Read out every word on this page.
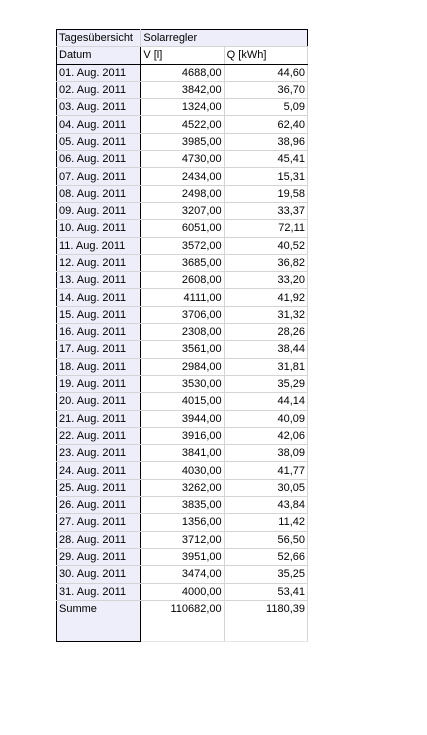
Tagesübersicht	Solarregler	
Datum	V [l]	Q [kWh]
01. Aug. 2011	4688,00	44,60
02. Aug. 2011	3842,00	36,70
03. Aug. 2011	1324,00	5,09
04. Aug. 2011	4522,00	62,40
05. Aug. 2011	3985,00	38,96
06. Aug. 2011	4730,00	45,41
07. Aug. 2011	2434,00	15,31
08. Aug. 2011	2498,00	19,58
09. Aug. 2011	3207,00	33,37
10. Aug. 2011	6051,00	72,11
11. Aug. 2011	3572,00	40,52
12. Aug. 2011	3685,00	36,82
13. Aug. 2011	2608,00	33,20
14. Aug. 2011	4111,00	41,92
15. Aug. 2011	3706,00	31,32
16. Aug. 2011	2308,00	28,26
17. Aug. 2011	3561,00	38,44
18. Aug. 2011	2984,00	31,81
19. Aug. 2011	3530,00	35,29
20. Aug. 2011	4015,00	44,14
21. Aug. 2011	3944,00	40,09
22. Aug. 2011	3916,00	42,06
23. Aug. 2011	3841,00	38,09
24. Aug. 2011	4030,00	41,77
25. Aug. 2011	3262,00	30,05
26. Aug. 2011	3835,00	43,84
27. Aug. 2011	1356,00	11,42
28. Aug. 2011	3712,00	56,50
29. Aug. 2011	3951,00	52,66
30. Aug. 2011	3474,00	35,25
31. Aug. 2011	4000,00	53,41
Summe	110682,00	1180,39
